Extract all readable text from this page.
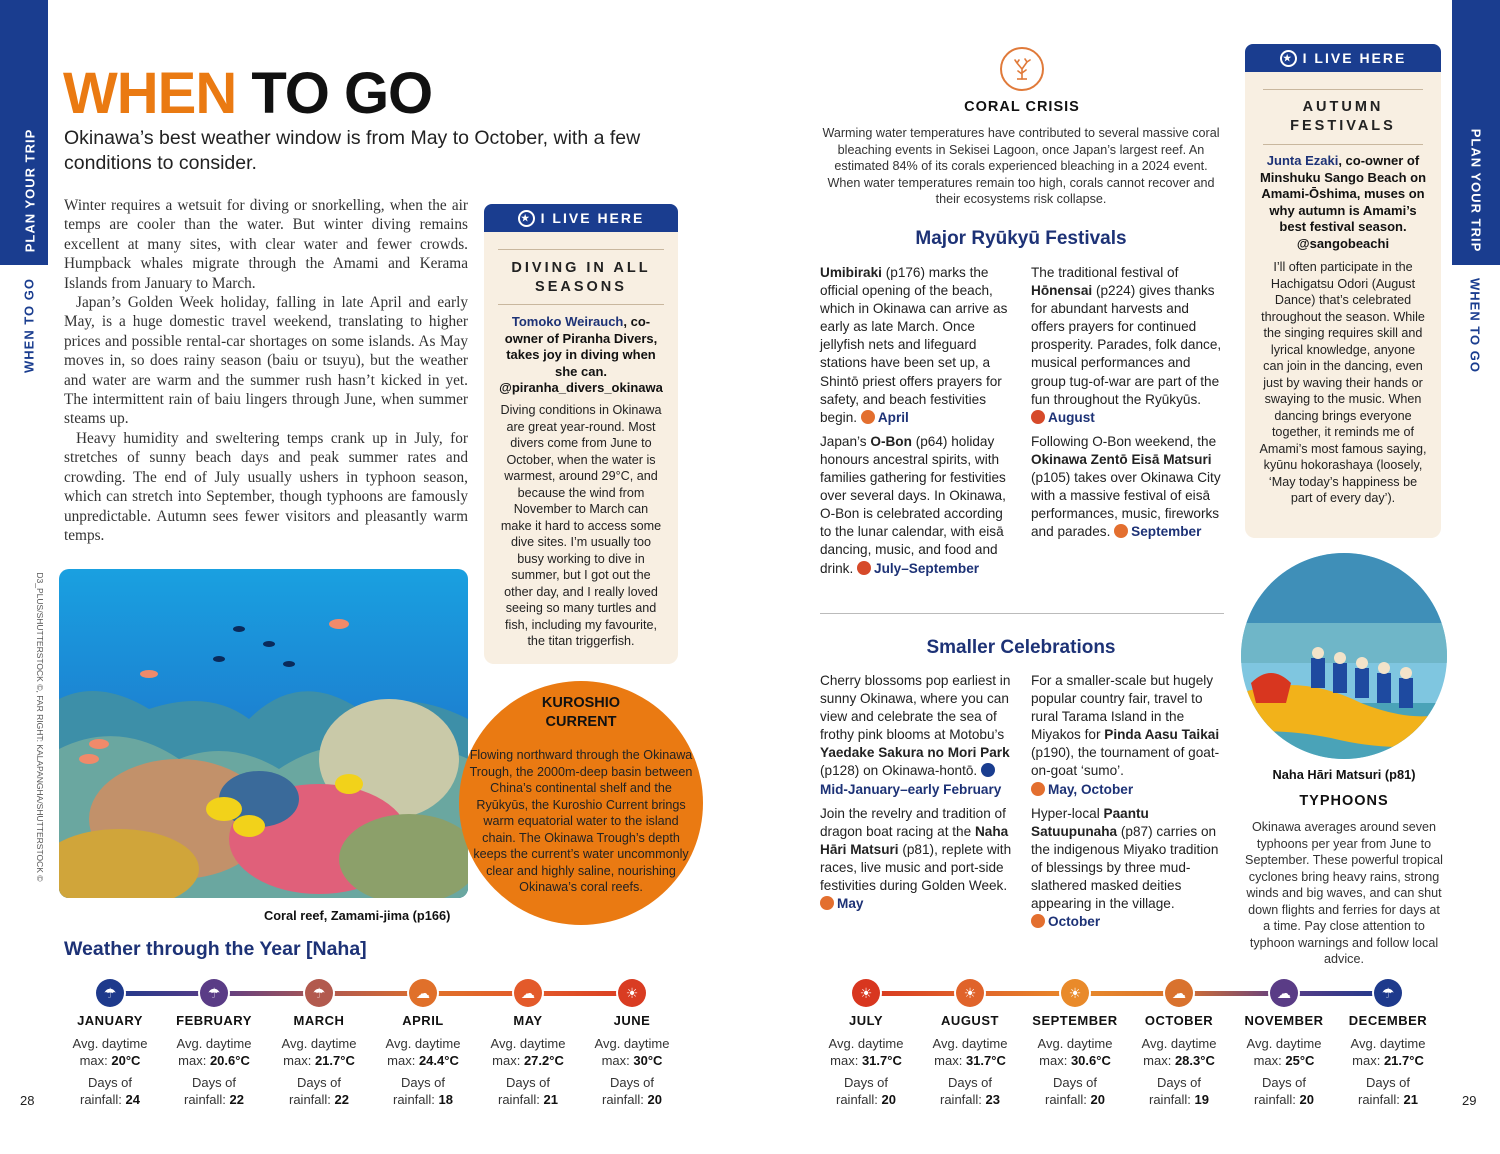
PLAN YOUR TRIP
WHEN TO GO
PLAN YOUR TRIP
WHEN TO GO
WHEN TO GO
Okinawa’s best weather window is from May to October, with a few conditions to consider.

Winter requires a wetsuit for diving or snorkelling, when the air temps are cooler than the water. But winter diving remains excellent at many sites, with clear water and fewer crowds. Humpback whales migrate through the Amami and Kerama Islands from January to March.

Japan’s Golden Week holiday, falling in late April and early May, is a huge domestic travel weekend, translating to higher prices and possible rental-car shortages on some islands. As May moves in, so does rainy season (baiu or tsuyu), but the weather and water are warm and the summer rush hasn’t kicked in yet. The intermittent rain of baiu lingers through June, when summer steams up.

Heavy humidity and sweltering temps crank up in July, for stretches of sunny beach days and peak summer rates and crowding. The end of July usually ushers in typhoon season, which can stretch into September, though typhoons are famously unpredictable. Autumn sees fewer visitors and pleasantly warm temps.

★ I LIVE HERE
DIVING IN ALL
SEASONS
Tomoko Weirauch, co-owner of Piranha Divers, takes joy in diving when she can. @piranha_divers_okinawa
Diving conditions in Okinawa are great year-round. Most divers come from June to October, when the water is warmest, around 29°C, and because the wind from November to March can make it hard to access some dive sites. I’m usually too busy working to dive in summer, but I got out the other day, and I really loved seeing so many turtles and fish, including my favourite, the titan triggerfish.
D3_PLUS/SHUTTERSTOCK ©, FAR RIGHT: KALAPANGHA/SHUTTERSTOCK ©
Coral reef, Zamami-jima (p166)
KUROSHIO
CURRENT
Flowing northward through the Okinawa Trough, the 2000m-deep basin between China’s continental shelf and the Ryūkyūs, the Kuroshio Current brings warm equatorial water to the island chain. The Okinawa Trough’s depth keeps the current’s water uncommonly clear and highly saline, nourishing Okinawa’s coral reefs.
CORAL CRISIS
Warming water temperatures have contributed to several massive coral bleaching events in Sekisei Lagoon, once Japan’s largest reef. An estimated 84% of its corals experienced bleaching in a 2024 event. When water temperatures remain too high, corals cannot recover and their ecosystems risk collapse.
Major Ryūkyū Festivals

Umibiraki (p176) marks the official opening of the beach, which in Okinawa can arrive as early as late March. Once jellyfish nets and lifeguard stations have been set up, a Shintō priest offers prayers for safety, and beach festivities begin. April

Japan’s O-Bon (p64) holiday honours ancestral spirits, with families gathering for festivities over several days. In Okinawa, O-Bon is celebrated according to the lunar calendar, with eisā dancing, music, and food and drink. July–September

The traditional festival of Hōnensai (p224) gives thanks for abundant harvests and offers prayers for continued prosperity. Parades, folk dance, musical performances and group tug-of-war are part of the fun throughout the Ryūkyūs. August

Following O-Bon weekend, the Okinawa Zentō Eisā Matsuri (p105) takes over Okinawa City with a massive festival of eisā performances, music, fireworks and parades. September

Smaller Celebrations

Cherry blossoms pop earliest in sunny Okinawa, where you can view and celebrate the sea of frothy pink blooms at Motobu’s Yaedake Sakura no Mori Park (p128) on Okinawa-hontō. Mid-January–early February

Join the revelry and tradition of dragon boat racing at the Naha Hāri Matsuri (p81), replete with races, live music and port-side festivities during Golden Week. May

For a smaller-scale but hugely popular country fair, travel to rural Tarama Island in the Miyakos for Pinda Aasu Taikai (p190), the tournament of goat-on-goat ‘sumo’. May, October

Hyper-local Paantu Satuupunaha (p87) carries on the indigenous Miyako tradition of blessings by three mud-slathered masked deities appearing in the village. October

★ I LIVE HERE
AUTUMN
FESTIVALS
Junta Ezaki, co-owner of Minshuku Sango Beach on Amami-Ōshima, muses on why autumn is Amami’s best festival season. @sangobeachi
I’ll often participate in the Hachigatsu Odori (August Dance) that’s celebrated throughout the season. While the singing requires skill and lyrical knowledge, anyone can join in the dancing, even just by waving their hands or swaying to the music. When dancing brings everyone together, it reminds me of Amami’s most famous saying, kyūnu hokorashaya (loosely, ‘May today’s happiness be part of every day’).
Naha Hāri Matsuri (p81)
TYPHOONS
Okinawa averages around seven typhoons per year from June to September. These powerful tropical cyclones bring heavy rains, strong winds and big waves, and can shut down flights and ferries for days at a time. Pay close attention to typhoon warnings and follow local advice.
Weather through the Year [Naha]
☂
JANUARY
Avg. daytime
max: 20°C
Days of
rainfall: 24
☂
FEBRUARY
Avg. daytime
max: 20.6°C
Days of
rainfall: 22
☂
MARCH
Avg. daytime
max: 21.7°C
Days of
rainfall: 22
☁
APRIL
Avg. daytime
max: 24.4°C
Days of
rainfall: 18
☁
MAY
Avg. daytime
max: 27.2°C
Days of
rainfall: 21
☀
JUNE
Avg. daytime
max: 30°C
Days of
rainfall: 20
☀
JULY
Avg. daytime
max: 31.7°C
Days of
rainfall: 20
☀
AUGUST
Avg. daytime
max: 31.7°C
Days of
rainfall: 23
☀
SEPTEMBER
Avg. daytime
max: 30.6°C
Days of
rainfall: 20
☁
OCTOBER
Avg. daytime
max: 28.3°C
Days of
rainfall: 19
☁
NOVEMBER
Avg. daytime
max: 25°C
Days of
rainfall: 20
☂
DECEMBER
Avg. daytime
max: 21.7°C
Days of
rainfall: 21
28	29
